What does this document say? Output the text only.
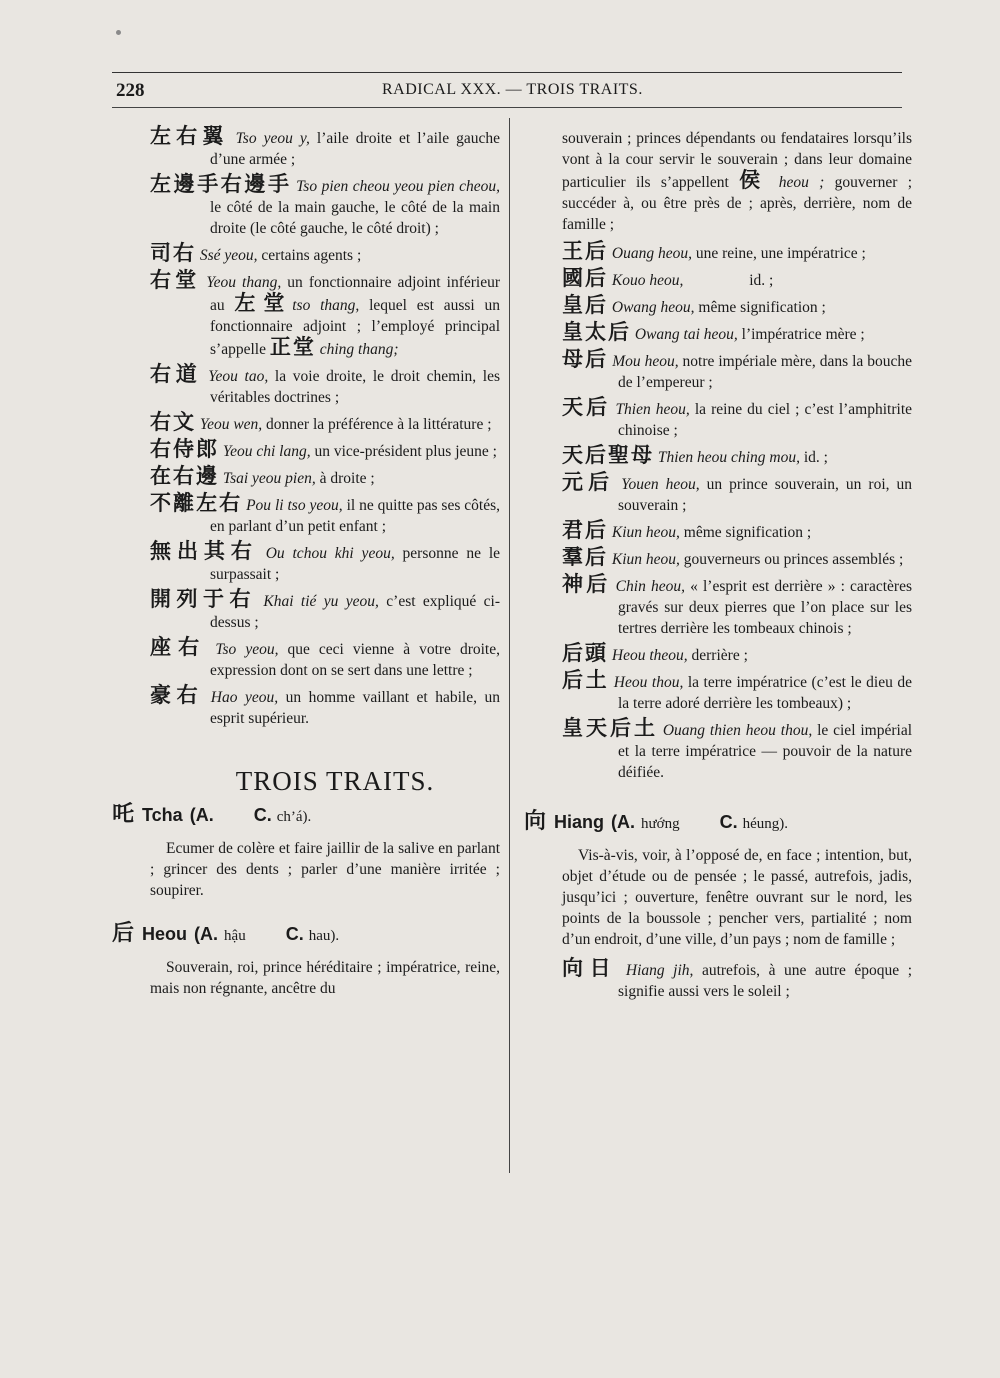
228	RADICAL XXX. — TROIS TRAITS.
左右翼 Tso yeou y, l’aile droite et l’aile gauche d’une armée ;
左邊手右邊手 Tso pien cheou yeou pien cheou, le côté de la main gauche, le côté de la main droite (le côté gauche, le côté droit) ;
司右 Ssé yeou, certains agents ;
右堂 Yeou thang, un fonctionnaire adjoint inférieur au 左堂tso thang, lequel est aussi un fonctionnaire adjoint ; l’employé principal s’appelle 正堂 ching thang;
右道 Yeou tao, la voie droite, le droit chemin, les véritables doctrines ;
右文 Yeou wen, donner la préférence à la littérature ;
右侍郎 Yeou chi lang, un vice-président plus jeune ;
在右邊 Tsai yeou pien, à droite ;
不離左右 Pou li tso yeou, il ne quitte pas ses côtés, en parlant d’un petit enfant ;
無出其右 Ou tchou khi yeou, personne ne le surpassait ;
開列于右 Khai tié yu yeou, c’est expliqué ci-dessus ;
座右 Tso yeou, que ceci vienne à votre droite, expression dont on se sert dans une lettre ;
豪右 Hao yeou, un homme vaillant et habile, un esprit supérieur.
TROIS TRAITS.
吒 Tcha (A. C. ch’á).

Ecumer de colère et faire jaillir de la salive en parlant ; grincer des dents ; parler d’une manière irritée ; soupirer.

后 Heou (A. hậu C. hau).

Souverain, roi, prince héréditaire ; impératrice, reine, mais non régnante, ancêtre du

souverain ; princes dépendants ou fendataires lorsqu’ils vont à la cour servir le souverain ; dans leur domaine particulier ils s’appellent 侯 heou ; gouverner ; succéder à, ou être près de ; après, derrière, nom de famille ;

王后 Ouang heou, une reine, une impératrice ;
國后 Kouo heou,                 id. ;
皇后 Owang heou, même signification ;
皇太后 Owang tai heou, l’impératrice mère ;
母后 Mou heou, notre impériale mère, dans la bouche de l’empereur ;
天后 Thien heou, la reine du ciel ; c’est l’amphitrite chinoise ;
天后聖母 Thien heou ching mou, id. ;
元后 Youen heou, un prince souverain, un roi, un souverain ;
君后 Kiun heou, même signification ;
羣后 Kiun heou, gouverneurs ou princes assemblés ;
神后 Chin heou, « l’esprit est derrière » : caractères gravés sur deux pierres que l’on place sur les tertres derrière les tombeaux chinois ;
后頭 Heou theou, derrière ;
后土 Heou thou, la terre impératrice (c’est le dieu de la terre adoré derrière les tombeaux) ;
皇天后土 Ouang thien heou thou, le ciel impérial et la terre impératrice — pouvoir de la nature déifiée.
向 Hiang (A. hướng C. héung).

Vis-à-vis, voir, à l’opposé de, en face ; intention, but, objet d’étude ou de pensée ; le passé, autrefois, jadis, jusqu’ici ; ouverture, fenêtre ouvrant sur le nord, les points de la boussole ; pencher vers, partialité ; nom d’un endroit, d’une ville, d’un pays ; nom de famille ;

向日 Hiang jih, autrefois, à une autre époque ; signifie aussi vers le soleil ;
